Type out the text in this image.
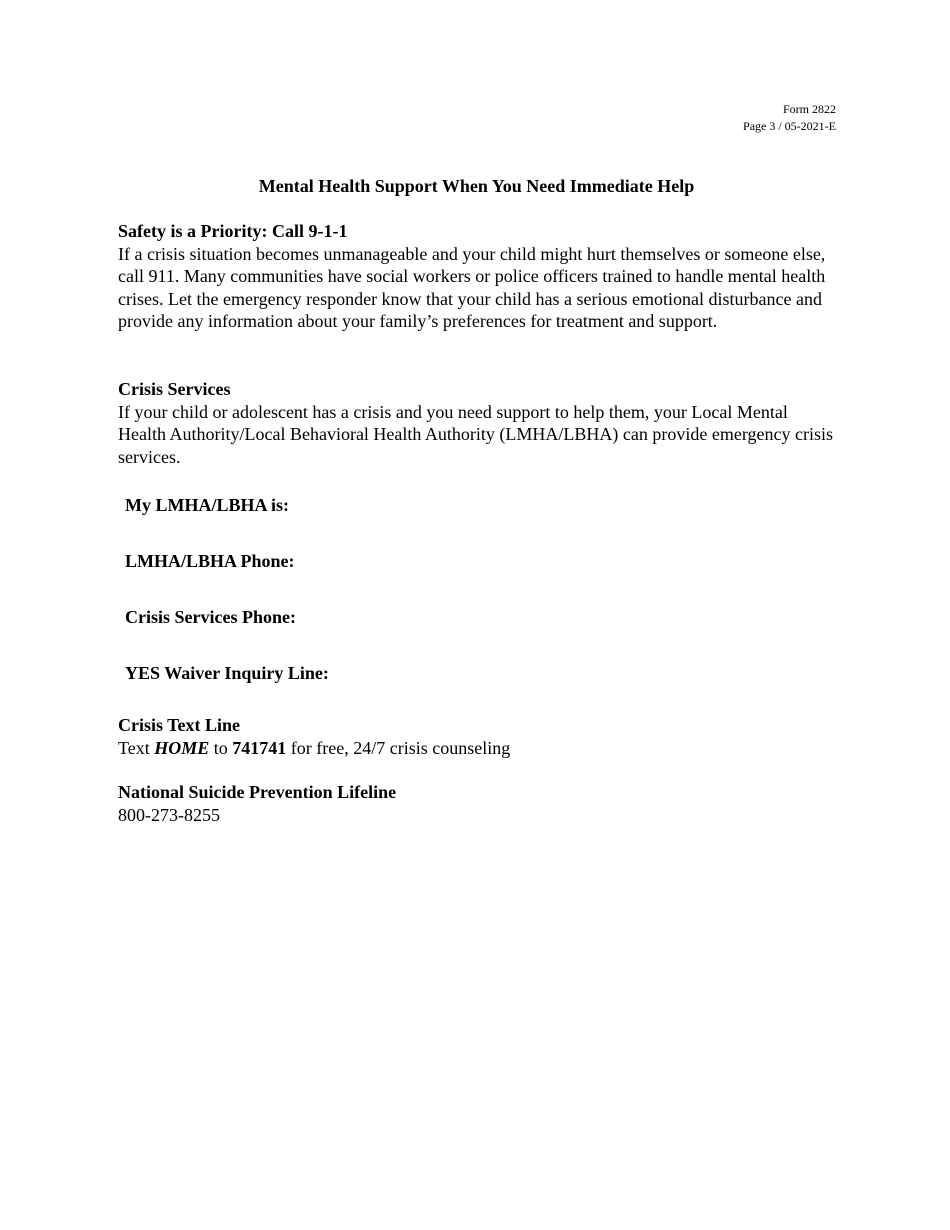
Form 2822
Page 3 / 05-2021-E
Mental Health Support When You Need Immediate Help
Safety is a Priority: Call 9-1-1
If a crisis situation becomes unmanageable and your child might hurt themselves or someone else, call 911. Many communities have social workers or police officers trained to handle mental health crises. Let the emergency responder know that your child has a serious emotional disturbance and provide any information about your family’s preferences for treatment and support.
Crisis Services
If your child or adolescent has a crisis and you need support to help them, your Local Mental Health Authority/Local Behavioral Health Authority (LMHA/LBHA) can provide emergency crisis services.
My LMHA/LBHA is:
LMHA/LBHA Phone:
Crisis Services Phone:
YES Waiver Inquiry Line:
Crisis Text Line
Text HOME to 741741 for free, 24/7 crisis counseling
National Suicide Prevention Lifeline
800-273-8255
